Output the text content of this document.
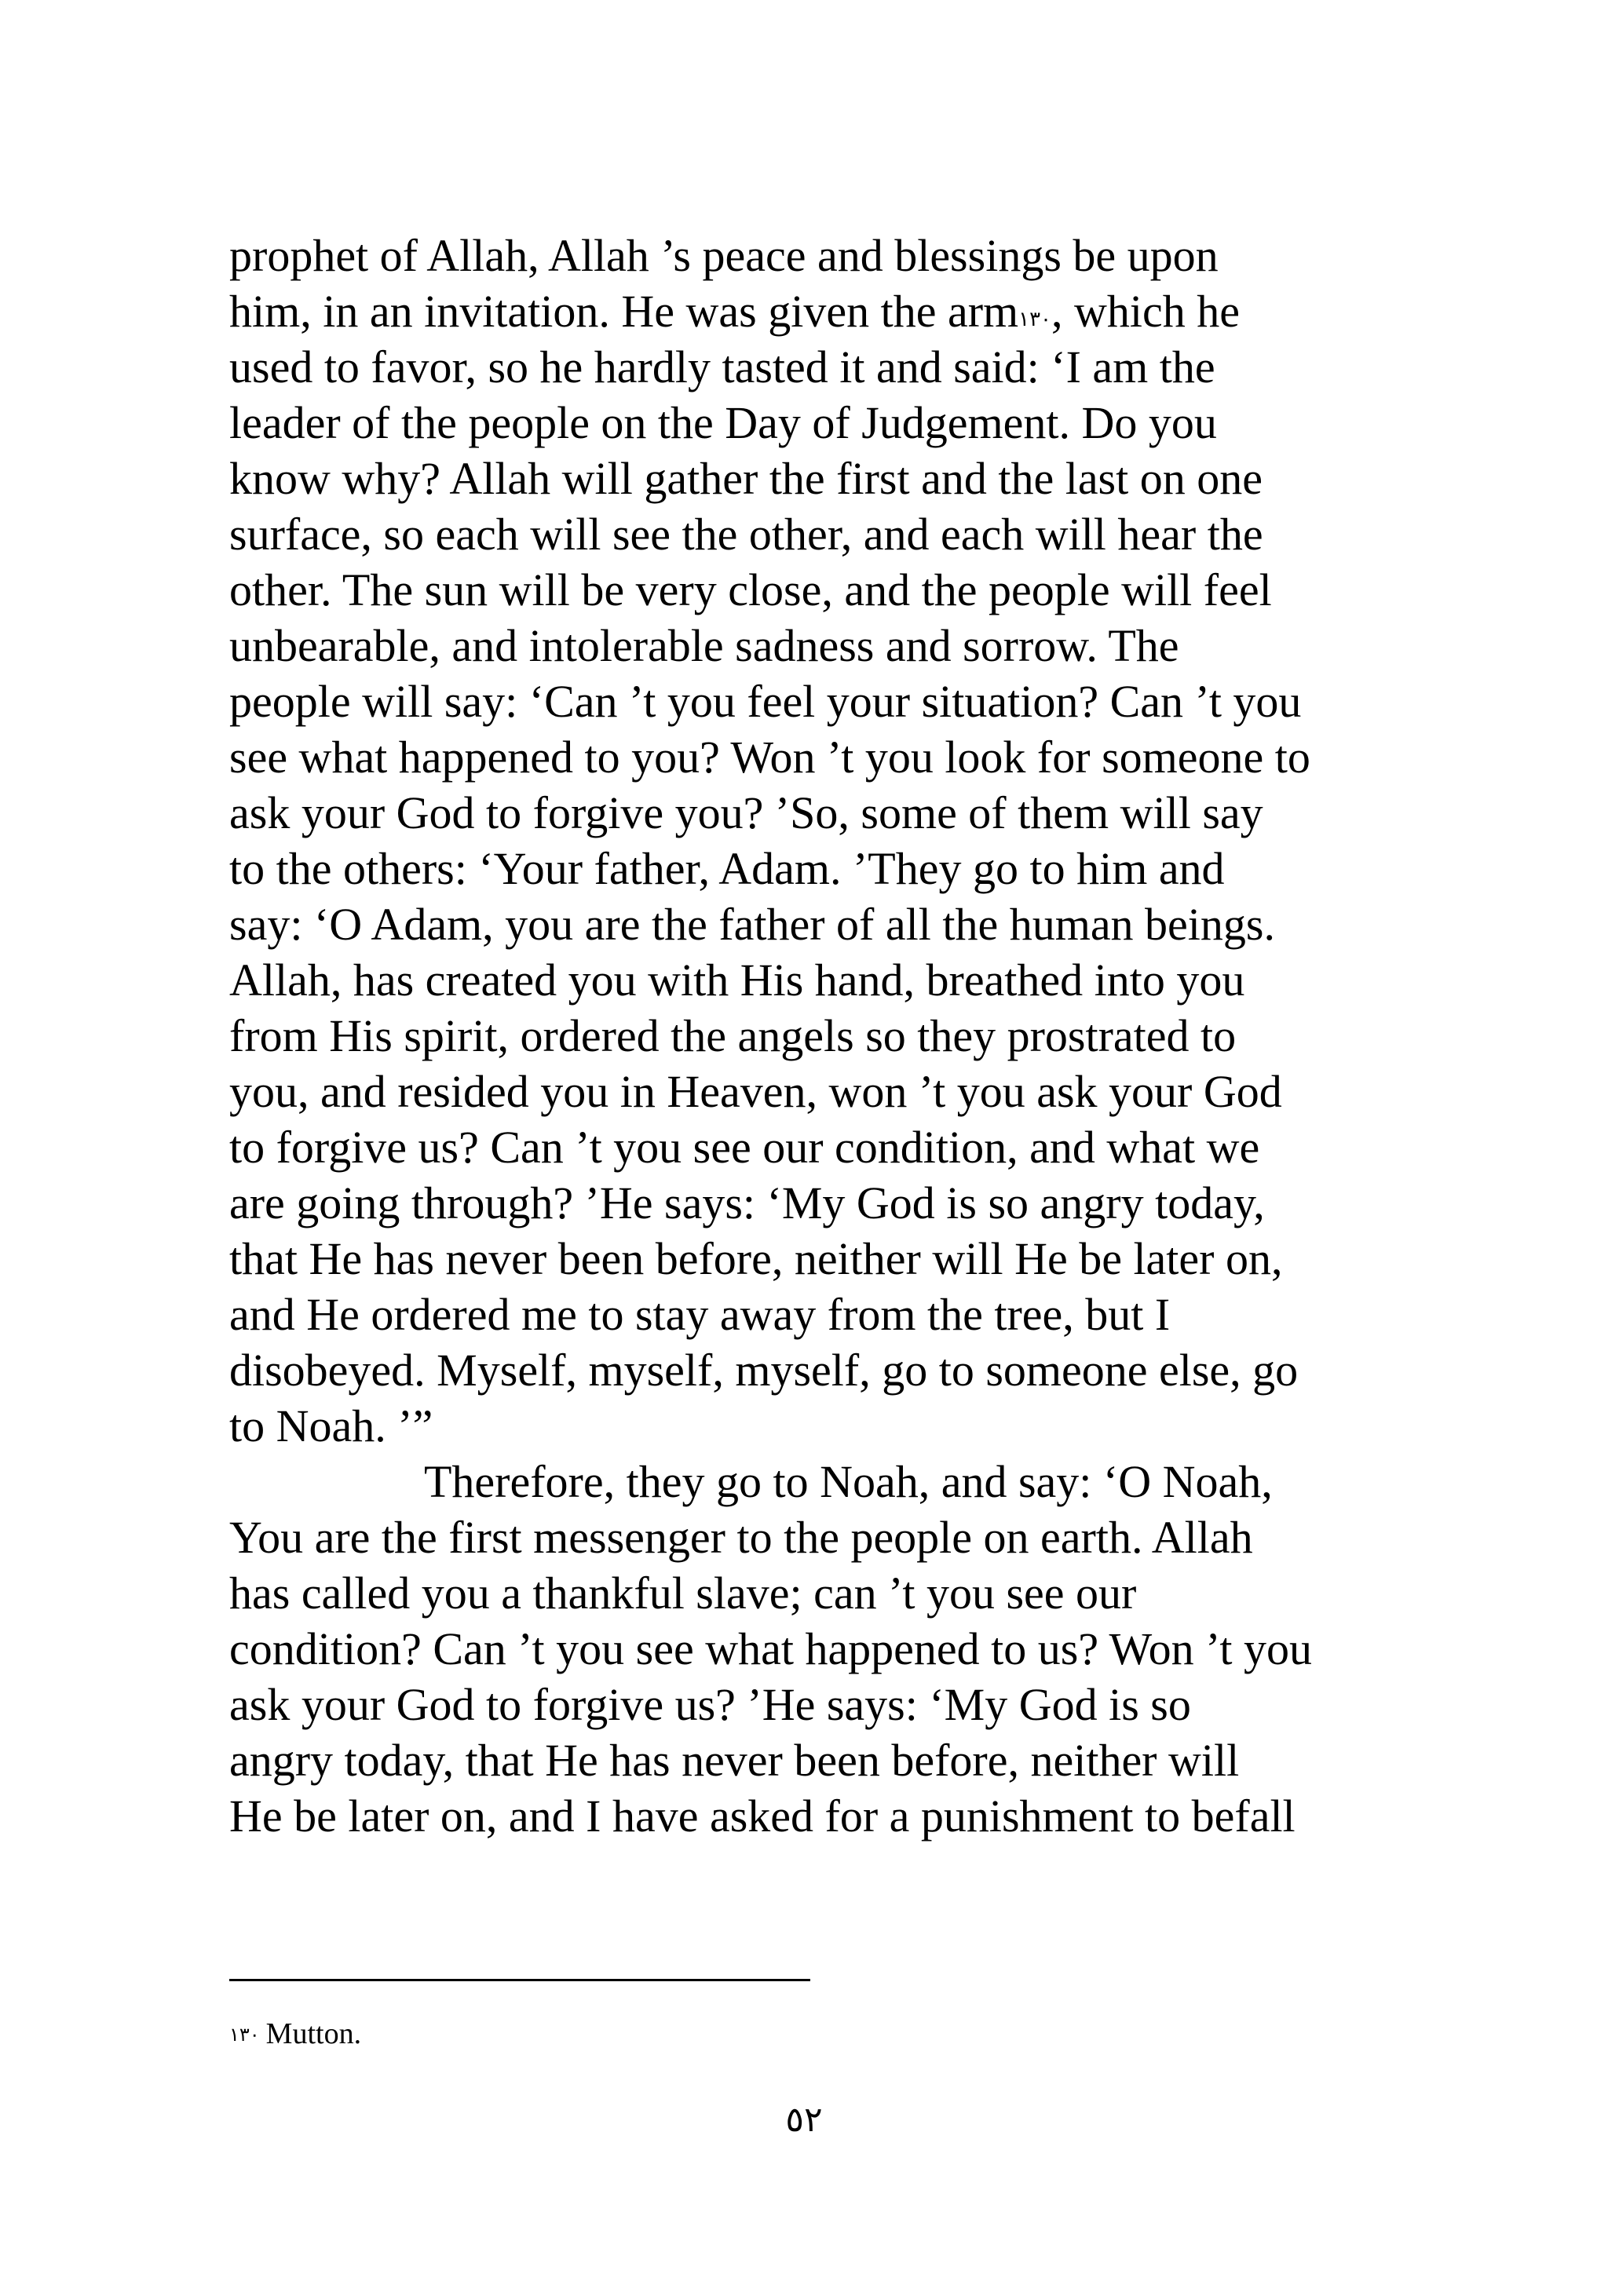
prophet of Allah, Allah ’s peace and blessings be upon
him, in an invitation. He was given the arm$^{١٣٠}$, which he
used to favor, so he hardly tasted it and said: ‘I am the
leader of the people on the Day of Judgement. Do you
know why? Allah will gather the first and the last on one
surface, so each will see the other, and each will hear the
other. The sun will be very close, and the people will feel
unbearable, and intolerable sadness and sorrow. The
people will say: ‘Can ’t you feel your situation? Can ’t you
see what happened to you? Won ’t you look for someone to
ask your God to forgive you? ’So, some of them will say
to the others: ‘Your father, Adam. ’They go to him and
say: ‘O Adam, you are the father of all the human beings.
Allah, has created you with His hand, breathed into you
from His spirit, ordered the angels so they prostrated to
you, and resided you in Heaven, won ’t you ask your God
to forgive us? Can ’t you see our condition, and what we
are going through? ’He says: ‘My God is so angry today,
that He has never been before, neither will He be later on,
and He ordered me to stay away from the tree, but I
disobeyed. Myself, myself, myself, go to someone else, go
to Noah. ’”
Therefore, they go to Noah, and say: ‘O Noah,
You are the first messenger to the people on earth. Allah
has called you a thankful slave; can ’t you see our
condition? Can ’t you see what happened to us? Won ’t you
ask your God to forgive us? ’He says: ‘My God is so
angry today, that He has never been before, neither will
He be later on, and I have asked for a punishment to befall
$^{١٣٠}$ Mutton.
٥٢
